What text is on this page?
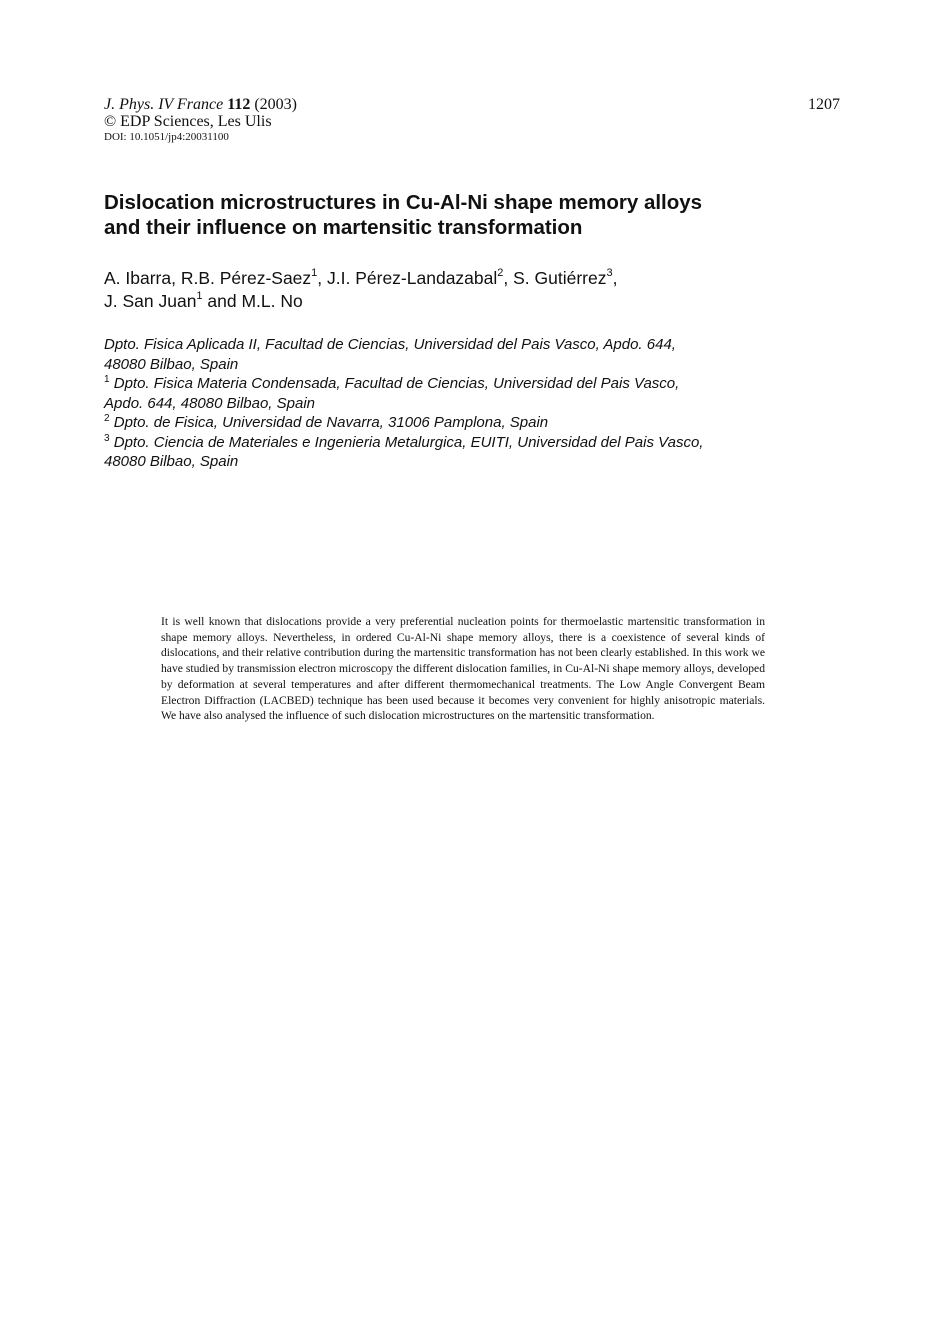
J. Phys. IV France 112 (2003)
© EDP Sciences, Les Ulis
DOI: 10.1051/jp4:20031100
1207
Dislocation microstructures in Cu-Al-Ni shape memory alloys
and their influence on martensitic transformation
A. Ibarra, R.B. Pérez-Saez$^1$, J.I. Pérez-Landazabal$^2$, S. Gutiérrez$^3$,
J. San Juan$^1$ and M.L. No
Dpto. Fisica Aplicada II, Facultad de Ciencias, Universidad del Pais Vasco, Apdo. 644,
48080 Bilbao, Spain
$^1$ Dpto. Fisica Materia Condensada, Facultad de Ciencias, Universidad del Pais Vasco,
Apdo. 644, 48080 Bilbao, Spain
$^2$ Dpto. de Fisica, Universidad de Navarra, 31006 Pamplona, Spain
$^3$ Dpto. Ciencia de Materiales e Ingenieria Metalurgica, EUITI, Universidad del Pais Vasco,
48080 Bilbao, Spain

It is well known that dislocations provide a very preferential nucleation points for thermoelastic martensitic transformation in shape memory alloys. Nevertheless, in ordered Cu-Al-Ni shape memory alloys, there is a coexistence of several kinds of dislocations, and their relative contribution during the martensitic transformation has not been clearly established. In this work we have studied by transmission electron microscopy the different dislocation families, in Cu-Al-Ni shape memory alloys, developed by deformation at several temperatures and after different thermomechanical treatments. The Low Angle Convergent Beam Electron Diffraction (LACBED) technique has been used because it becomes very convenient for highly anisotropic materials. We have also analysed the influence of such dislocation microstructures on the martensitic transformation.
